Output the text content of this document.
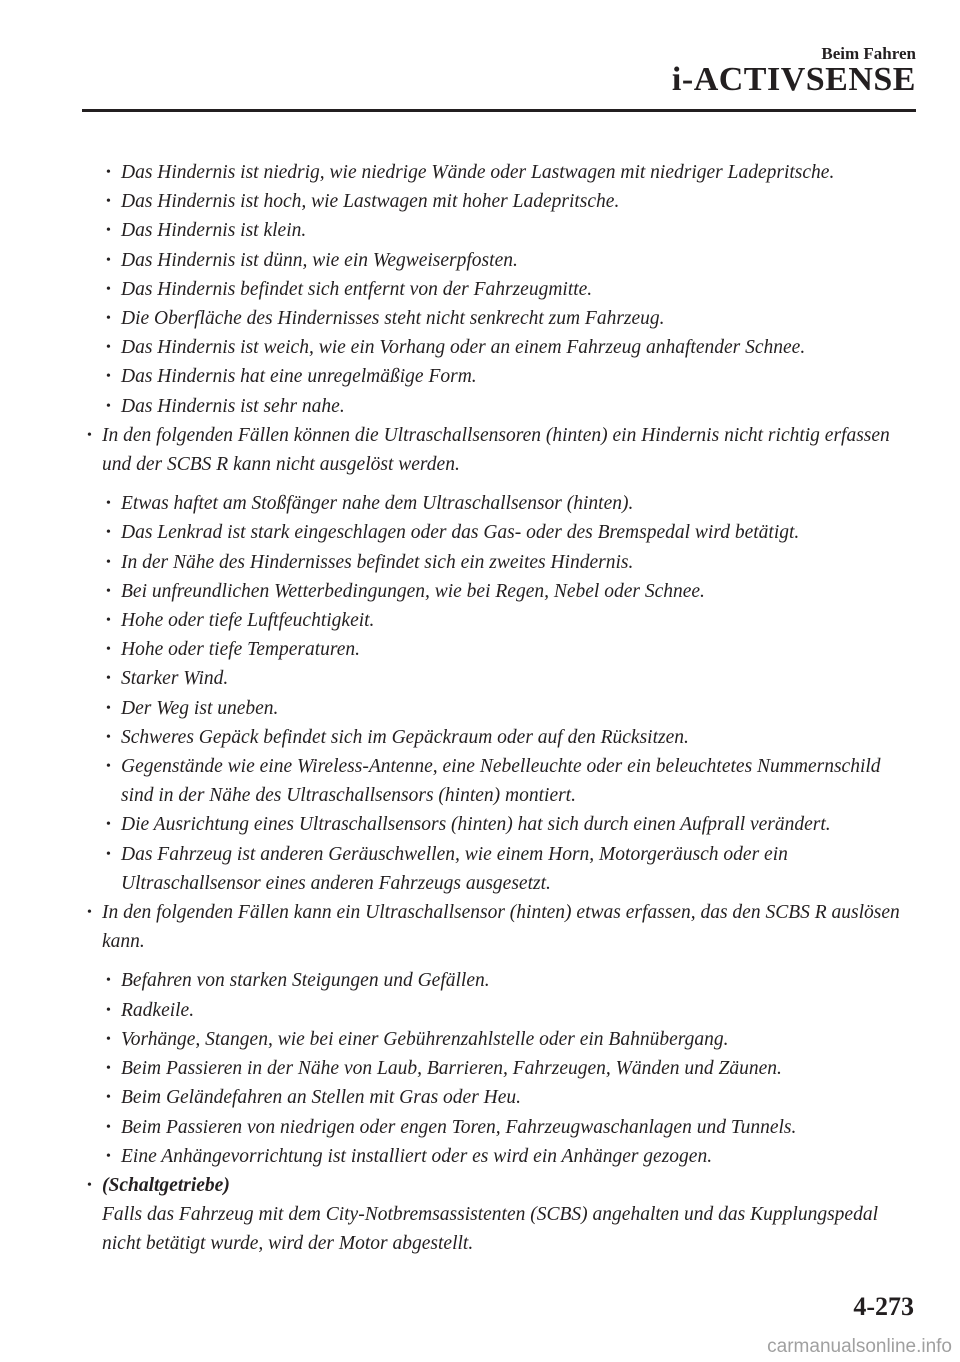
Beim Fahren
i-ACTIVSENSE
• Das Hindernis ist niedrig, wie niedrige Wände oder Lastwagen mit niedriger Ladepritsche.
• Das Hindernis ist hoch, wie Lastwagen mit hoher Ladepritsche.
• Das Hindernis ist klein.
• Das Hindernis ist dünn, wie ein Wegweiserpfosten.
• Das Hindernis befindet sich entfernt von der Fahrzeugmitte.
• Die Oberfläche des Hindernisses steht nicht senkrecht zum Fahrzeug.
• Das Hindernis ist weich, wie ein Vorhang oder an einem Fahrzeug anhaftender Schnee.
• Das Hindernis hat eine unregelmäßige Form.
• Das Hindernis ist sehr nahe.
• In den folgenden Fällen können die Ultraschallsensoren (hinten) ein Hindernis nicht richtig erfassen und der SCBS R kann nicht ausgelöst werden.
• Etwas haftet am Stoßfänger nahe dem Ultraschallsensor (hinten).
• Das Lenkrad ist stark eingeschlagen oder das Gas- oder des Bremspedal wird betätigt.
• In der Nähe des Hindernisses befindet sich ein zweites Hindernis.
• Bei unfreundlichen Wetterbedingungen, wie bei Regen, Nebel oder Schnee.
• Hohe oder tiefe Luftfeuchtigkeit.
• Hohe oder tiefe Temperaturen.
• Starker Wind.
• Der Weg ist uneben.
• Schweres Gepäck befindet sich im Gepäckraum oder auf den Rücksitzen.
• Gegenstände wie eine Wireless-Antenne, eine Nebelleuchte oder ein beleuchtetes Nummernschild sind in der Nähe des Ultraschallsensors (hinten) montiert.
• Die Ausrichtung eines Ultraschallsensors (hinten) hat sich durch einen Aufprall verändert.
• Das Fahrzeug ist anderen Geräuschwellen, wie einem Horn, Motorgeräusch oder ein Ultraschallsensor eines anderen Fahrzeugs ausgesetzt.
• In den folgenden Fällen kann ein Ultraschallsensor (hinten) etwas erfassen, das den SCBS R auslösen kann.
• Befahren von starken Steigungen und Gefällen.
• Radkeile.
• Vorhänge, Stangen, wie bei einer Gebührenzahlstelle oder ein Bahnübergang.
• Beim Passieren in der Nähe von Laub, Barrieren, Fahrzeugen, Wänden und Zäunen.
• Beim Geländefahren an Stellen mit Gras oder Heu.
• Beim Passieren von niedrigen oder engen Toren, Fahrzeugwaschanlagen und Tunnels.
• Eine Anhängevorrichtung ist installiert oder es wird ein Anhänger gezogen.
• (Schaltgetriebe)
Falls das Fahrzeug mit dem City-Notbremsassistenten (SCBS) angehalten und das Kupplungspedal nicht betätigt wurde, wird der Motor abgestellt.
4-273
carmanualsonline.info
